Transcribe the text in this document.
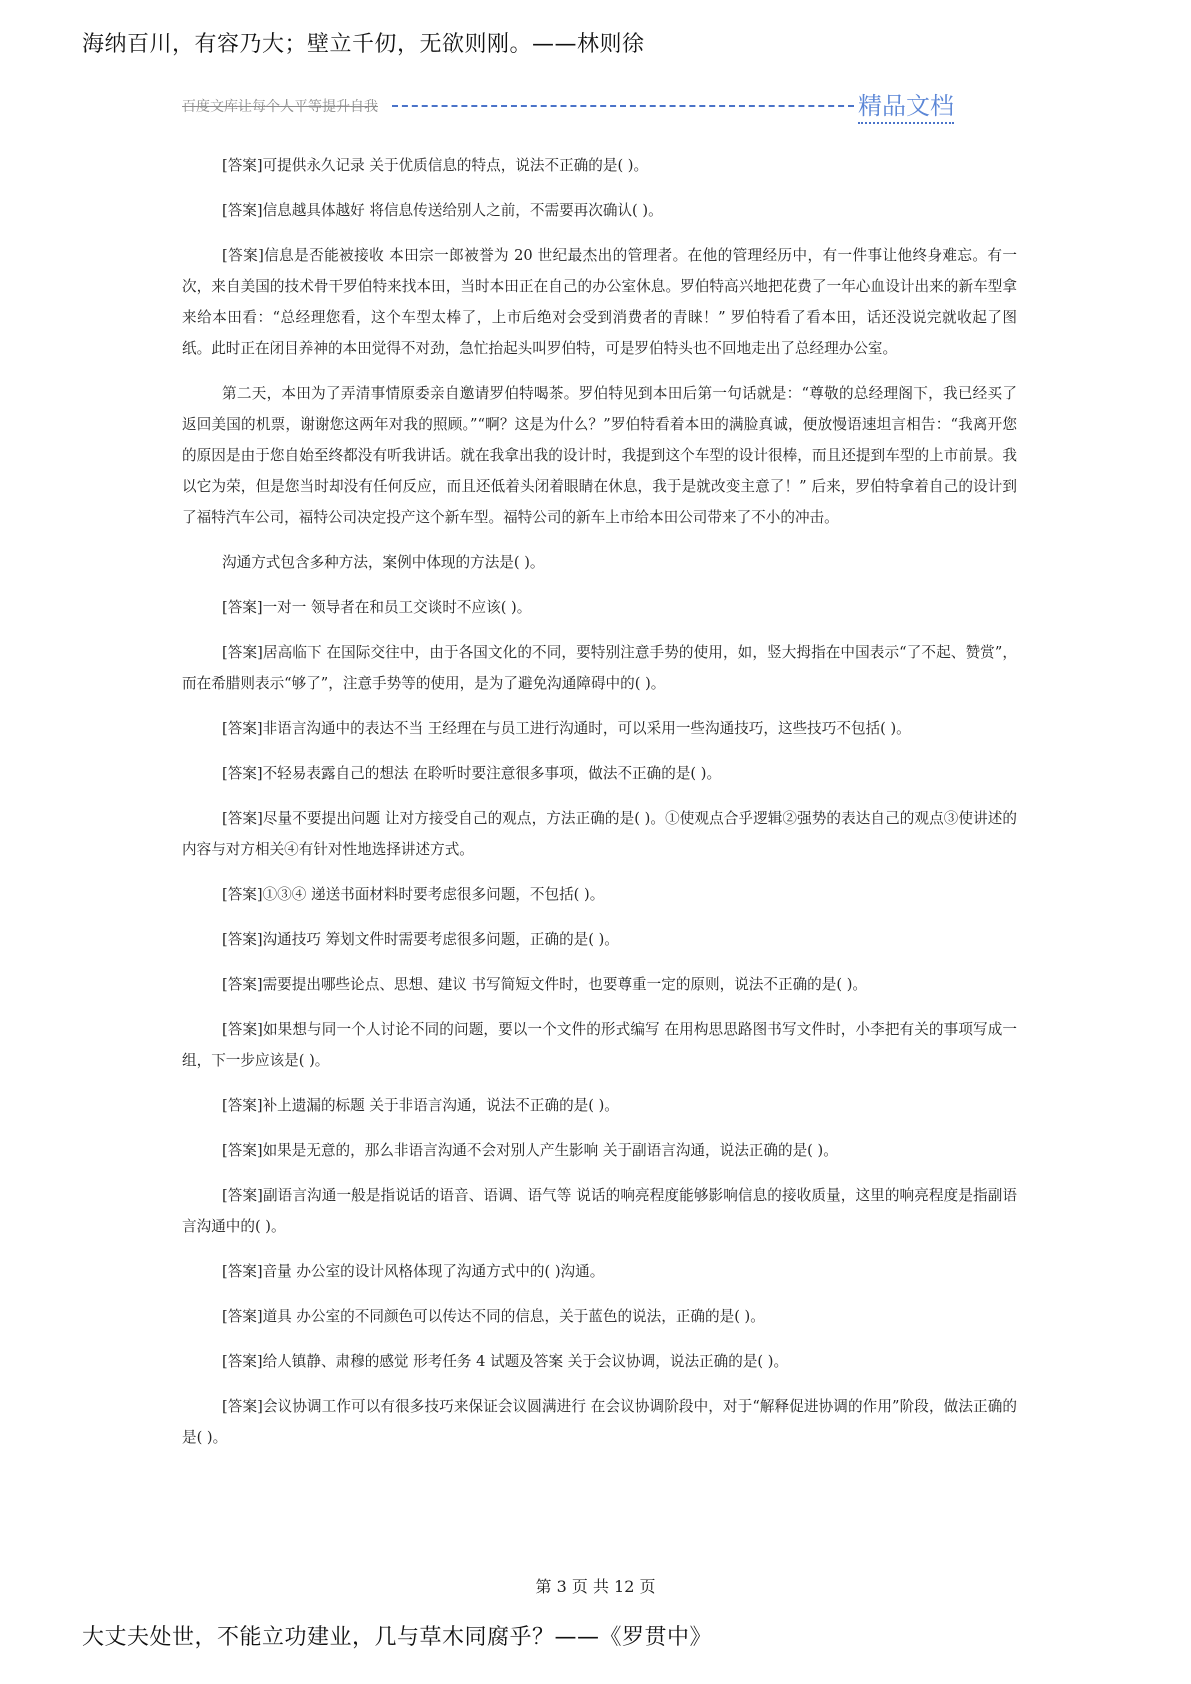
海纳百川，有容乃大；壁立千仞，无欲则刚。——林则徐
百度文库让每个人平等提升自我	精品文档

[答案]可提供永久记录 关于优质信息的特点，说法不正确的是( )。

[答案]信息越具体越好 将信息传送给别人之前，不需要再次确认( )。

[答案]信息是否能被接收 本田宗一郎被誉为 20 世纪最杰出的管理者。在他的管理经历中，有一件事让他终身难忘。有一次，来自美国的技术骨干罗伯特来找本田，当时本田正在自己的办公室休息。罗伯特高兴地把花费了一年心血设计出来的新车型拿来给本田看：“总经理您看，这个车型太棒了，上市后绝对会受到消费者的青睐！” 罗伯特看了看本田，话还没说完就收起了图纸。此时正在闭目养神的本田觉得不对劲，急忙抬起头叫罗伯特，可是罗伯特头也不回地走出了总经理办公室。

第二天，本田为了弄清事情原委亲自邀请罗伯特喝茶。罗伯特见到本田后第一句话就是：“尊敬的总经理阁下，我已经买了返回美国的机票，谢谢您这两年对我的照顾。”“啊？这是为什么？”罗伯特看着本田的满脸真诚，便放慢语速坦言相告：“我离开您的原因是由于您自始至终都没有听我讲话。就在我拿出我的设计时，我提到这个车型的设计很棒，而且还提到车型的上市前景。我以它为荣，但是您当时却没有任何反应，而且还低着头闭着眼睛在休息，我于是就改变主意了！” 后来，罗伯特拿着自己的设计到了福特汽车公司，福特公司决定投产这个新车型。福特公司的新车上市给本田公司带来了不小的冲击。

沟通方式包含多种方法，案例中体现的方法是( )。

[答案]一对一 领导者在和员工交谈时不应该( )。

[答案]居高临下 在国际交往中，由于各国文化的不同，要特别注意手势的使用，如，竖大拇指在中国表示“了不起、赞赏”，而在希腊则表示“够了”，注意手势等的使用，是为了避免沟通障碍中的( )。

[答案]非语言沟通中的表达不当 王经理在与员工进行沟通时，可以采用一些沟通技巧，这些技巧不包括( )。

[答案]不轻易表露自己的想法 在聆听时要注意很多事项，做法不正确的是( )。

[答案]尽量不要提出问题 让对方接受自己的观点，方法正确的是( )。①使观点合乎逻辑②强势的表达自己的观点③使讲述的内容与对方相关④有针对性地选择讲述方式。

[答案]①③④ 递送书面材料时要考虑很多问题，不包括( )。

[答案]沟通技巧 筹划文件时需要考虑很多问题，正确的是( )。

[答案]需要提出哪些论点、思想、建议 书写简短文件时，也要尊重一定的原则，说法不正确的是( )。

[答案]如果想与同一个人讨论不同的问题，要以一个文件的形式编写 在用构思思路图书写文件时，小李把有关的事项写成一组，下一步应该是( )。

[答案]补上遗漏的标题 关于非语言沟通，说法不正确的是( )。

[答案]如果是无意的，那么非语言沟通不会对别人产生影响 关于副语言沟通，说法正确的是( )。

[答案]副语言沟通一般是指说话的语音、语调、语气等 说话的响亮程度能够影响信息的接收质量，这里的响亮程度是指副语言沟通中的( )。

[答案]音量 办公室的设计风格体现了沟通方式中的( )沟通。

[答案]道具 办公室的不同颜色可以传达不同的信息，关于蓝色的说法，正确的是( )。

[答案]给人镇静、肃穆的感觉 形考任务 4 试题及答案 关于会议协调，说法正确的是( )。

[答案]会议协调工作可以有很多技巧来保证会议圆满进行 在会议协调阶段中，对于“解释促进协调的作用”阶段，做法正确的是( )。

第 3 页 共 12 页
大丈夫处世，不能立功建业，几与草木同腐乎？——《罗贯中》
